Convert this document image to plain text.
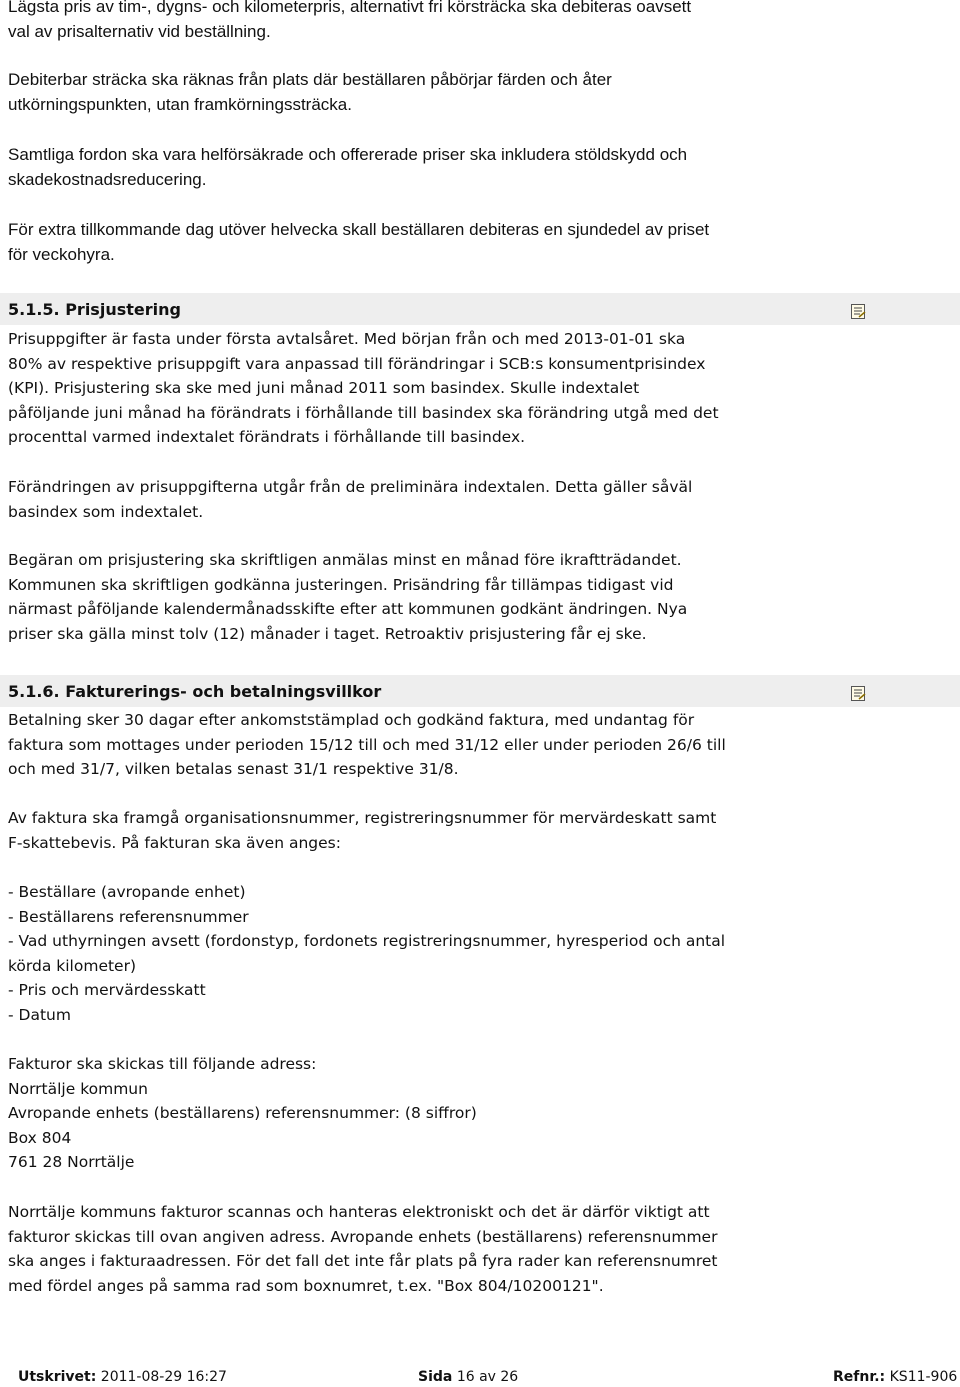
Lägsta pris av tim-, dygns- och kilometerpris, alternativt fri körsträcka ska debiteras oavsett
val av prisalternativ vid beställning.

Debiterbar sträcka ska räknas från plats där beställaren påbörjar färden och åter
utkörningspunkten, utan framkörningssträcka.

Samtliga fordon ska vara helförsäkrade och offererade priser ska inkludera stöldskydd och
skadekostnadsreducering.

För extra tillkommande dag utöver helvecka skall beställaren debiteras en sjundedel av priset
för veckohyra.

5.1.5. Prisjustering

Prisuppgifter är fasta under första avtalsåret. Med början från och med 2013-01-01 ska
80% av respektive prisuppgift vara anpassad till förändringar i SCB:s konsumentprisindex
(KPI). Prisjustering ska ske med juni månad 2011 som basindex. Skulle indextalet
påföljande juni månad ha förändrats i förhållande till basindex ska förändring utgå med det
procenttal varmed indextalet förändrats i förhållande till basindex.

Förändringen av prisuppgifterna utgår från de preliminära indextalen. Detta gäller såväl
basindex som indextalet.

Begäran om prisjustering ska skriftligen anmälas minst en månad före ikraftträdandet.
Kommunen ska skriftligen godkänna justeringen. Prisändring får tillämpas tidigast vid
närmast påföljande kalendermånadsskifte efter att kommunen godkänt ändringen. Nya
priser ska gälla minst tolv (12) månader i taget. Retroaktiv prisjustering får ej ske.

5.1.6. Fakturerings- och betalningsvillkor

Betalning sker 30 dagar efter ankomststämplad och godkänd faktura, med undantag för
faktura som mottages under perioden 15/12 till och med 31/12 eller under perioden 26/6 till
och med 31/7, vilken betalas senast 31/1 respektive 31/8.

Av faktura ska framgå organisationsnummer, registreringsnummer för mervärdeskatt samt
F-skattebevis. På fakturan ska även anges:

- Beställare (avropande enhet)
- Beställarens referensnummer
- Vad uthyrningen avsett (fordonstyp, fordonets registreringsnummer, hyresperiod och antal
körda kilometer)
- Pris och mervärdesskatt
- Datum

Fakturor ska skickas till följande adress:
Norrtälje kommun
Avropande enhets (beställarens) referensnummer: (8 siffror)
Box 804
761 28 Norrtälje

Norrtälje kommuns fakturor scannas och hanteras elektroniskt och det är därför viktigt att
fakturor skickas till ovan angiven adress. Avropande enhets (beställarens) referensnummer
ska anges i fakturaadressen. För det fall det inte får plats på fyra rader kan referensnumret
med fördel anges på samma rad som boxnumret, t.ex. "Box 804/10200121".

Utskrivet: 2011-08-29 16:27	Sida 16 av 26	Refnr.: KS11-906
